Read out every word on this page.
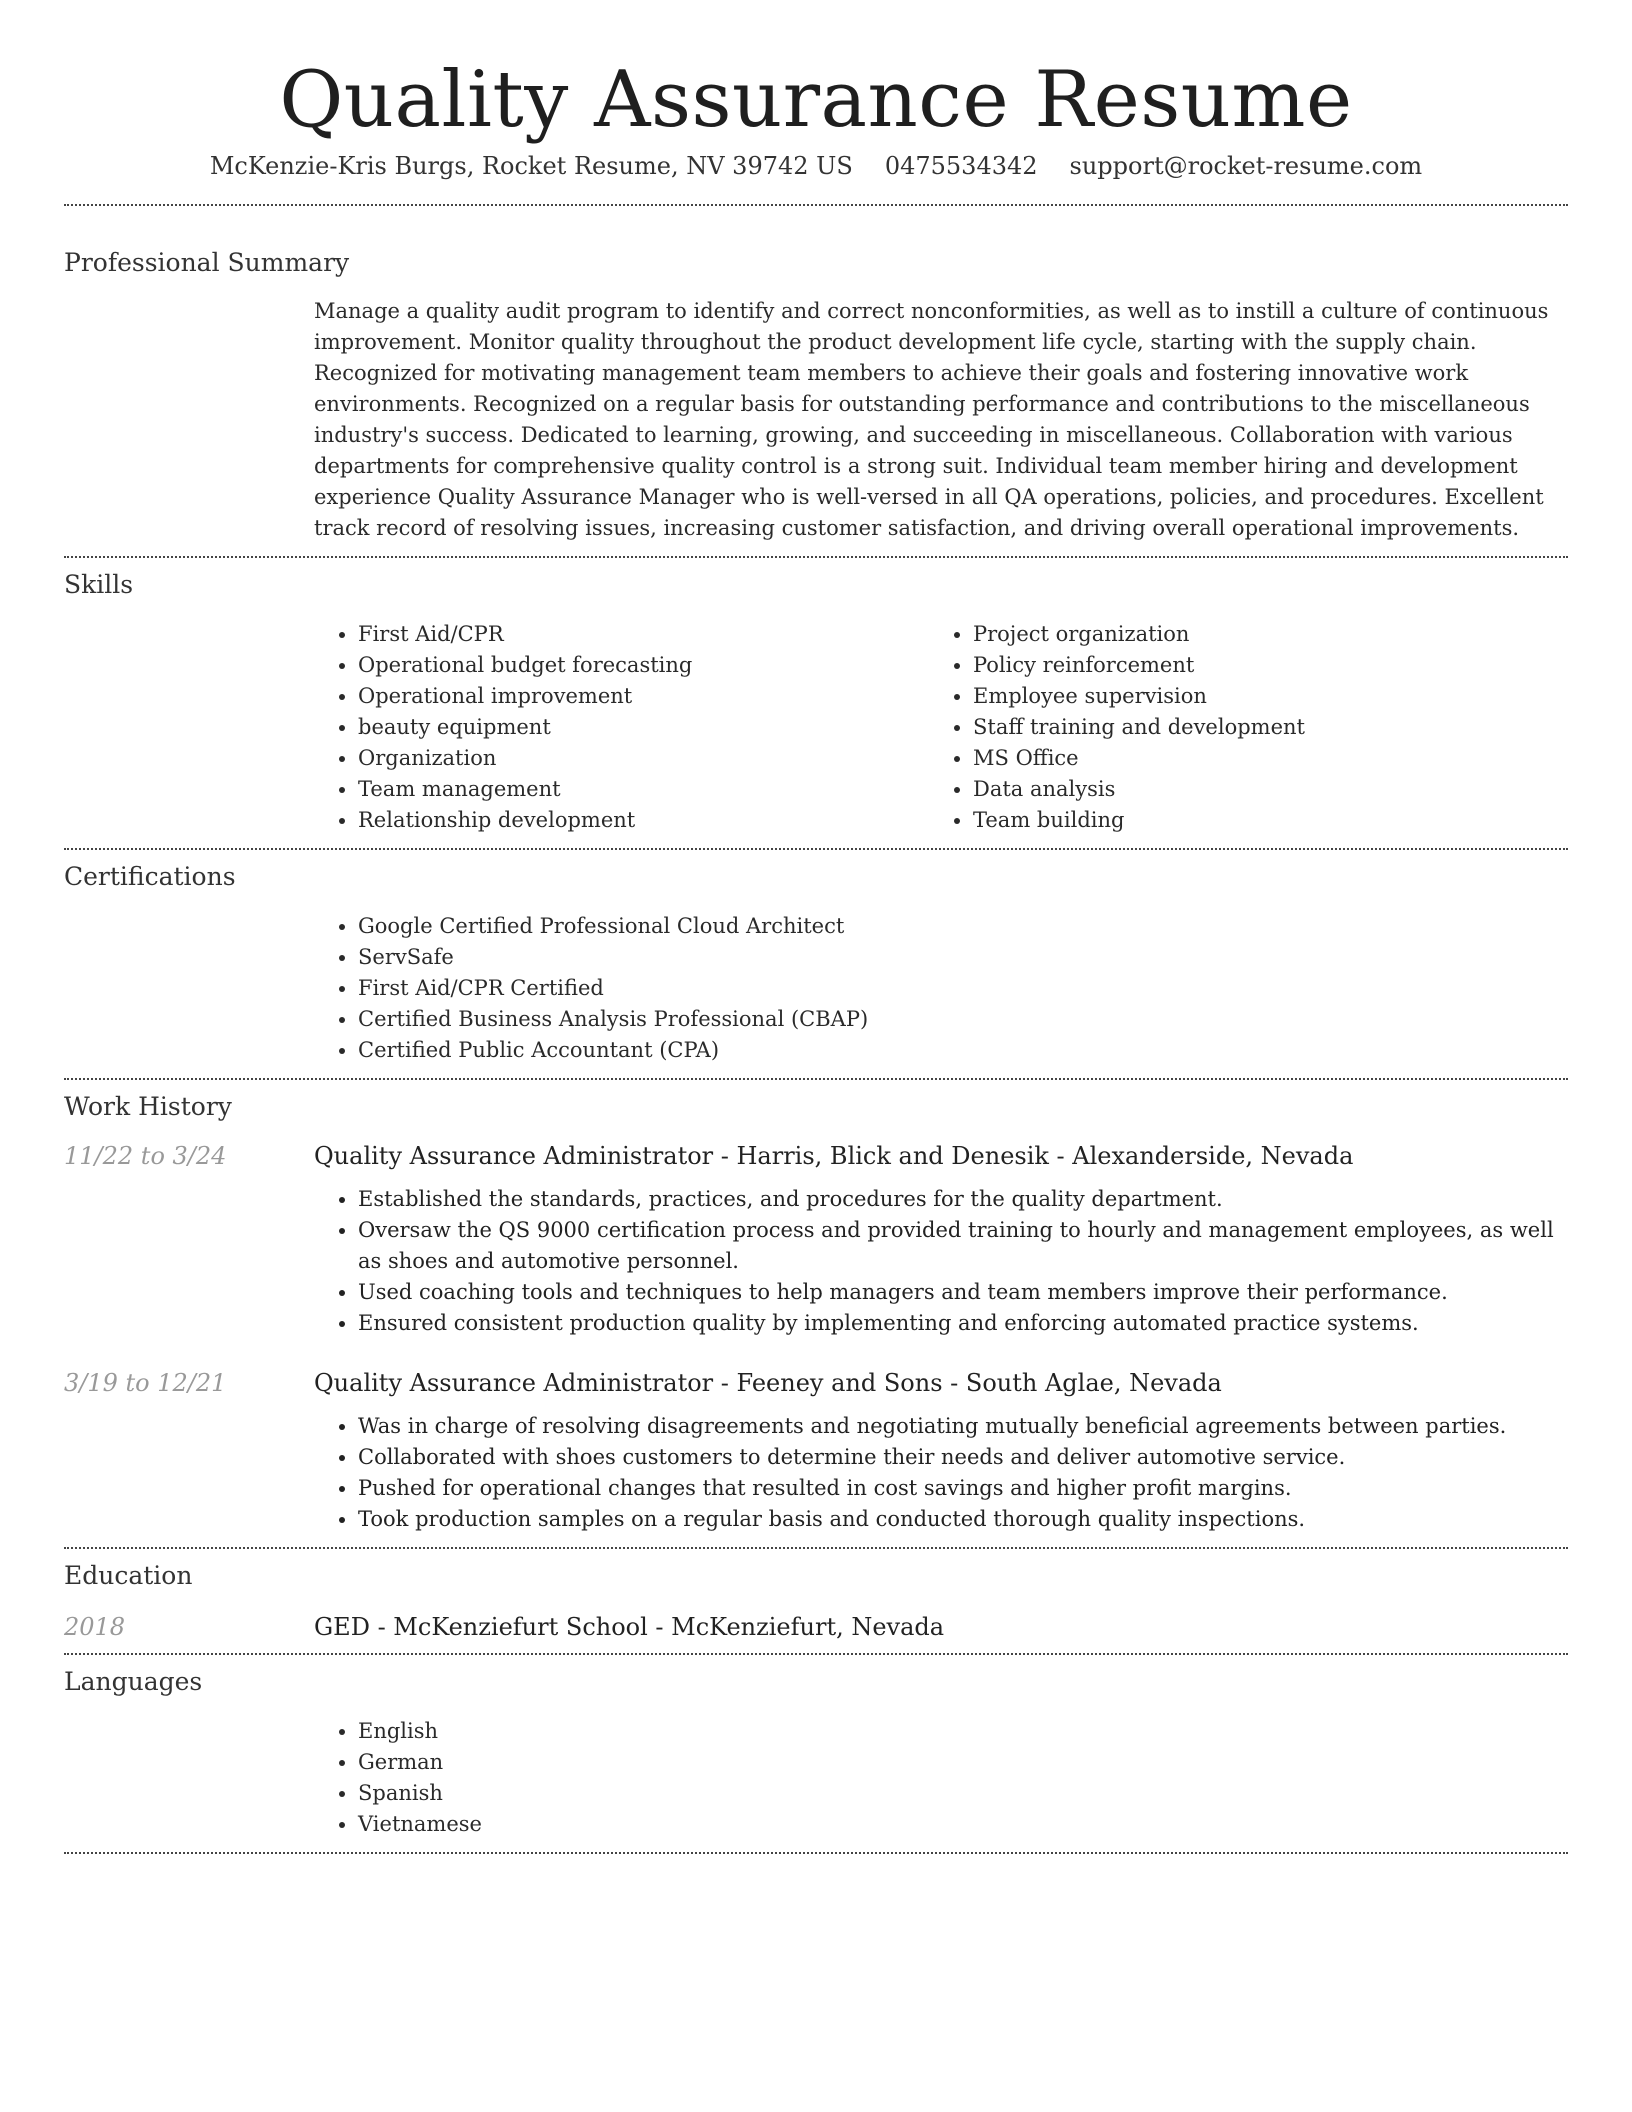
Quality Assurance Resume
McKenzie-Kris Burgs, Rocket Resume, NV 39742 US 0475534342 support@rocket-resume.com
Professional Summary

Manage a quality audit program to identify and correct nonconformities, as well as to instill a culture of continuous improvement. Monitor quality throughout the product development life cycle, starting with the supply chain. Recognized for motivating management team members to achieve their goals and fostering innovative work environments. Recognized on a regular basis for outstanding performance and contributions to the miscellaneous industry's success. Dedicated to learning, growing, and succeeding in miscellaneous. Collaboration with various departments for comprehensive quality control is a strong suit. Individual team member hiring and development experience Quality Assurance Manager who is well-versed in all QA operations, policies, and procedures. Excellent track record of resolving issues, increasing customer satisfaction, and driving overall operational improvements.

Skills
• First Aid/CPR
• Operational budget forecasting
• Operational improvement
• beauty equipment
• Organization
• Team management
• Relationship development
• Project organization
• Policy reinforcement
• Employee supervision
• Staff training and development
• MS Office
• Data analysis
• Team building
Certifications
• Google Certified Professional Cloud Architect
• ServSafe
• First Aid/CPR Certified
• Certified Business Analysis Professional (CBAP)
• Certified Public Accountant (CPA)
Work History
11/22 to 3/24	Quality Assurance Administrator - Harris, Blick and Denesik - Alexanderside, Nevada
• Established the standards, practices, and procedures for the quality department.
• Oversaw the QS 9000 certification process and provided training to hourly and management employees, as well as shoes and automotive personnel.
• Used coaching tools and techniques to help managers and team members improve their performance.
• Ensured consistent production quality by implementing and enforcing automated practice systems.
3/19 to 12/21	Quality Assurance Administrator - Feeney and Sons - South Aglae, Nevada
• Was in charge of resolving disagreements and negotiating mutually beneficial agreements between parties.
• Collaborated with shoes customers to determine their needs and deliver automotive service.
• Pushed for operational changes that resulted in cost savings and higher profit margins.
• Took production samples on a regular basis and conducted thorough quality inspections.
Education
2018	GED - McKenziefurt School - McKenziefurt, Nevada
Languages
• English
• German
• Spanish
• Vietnamese
